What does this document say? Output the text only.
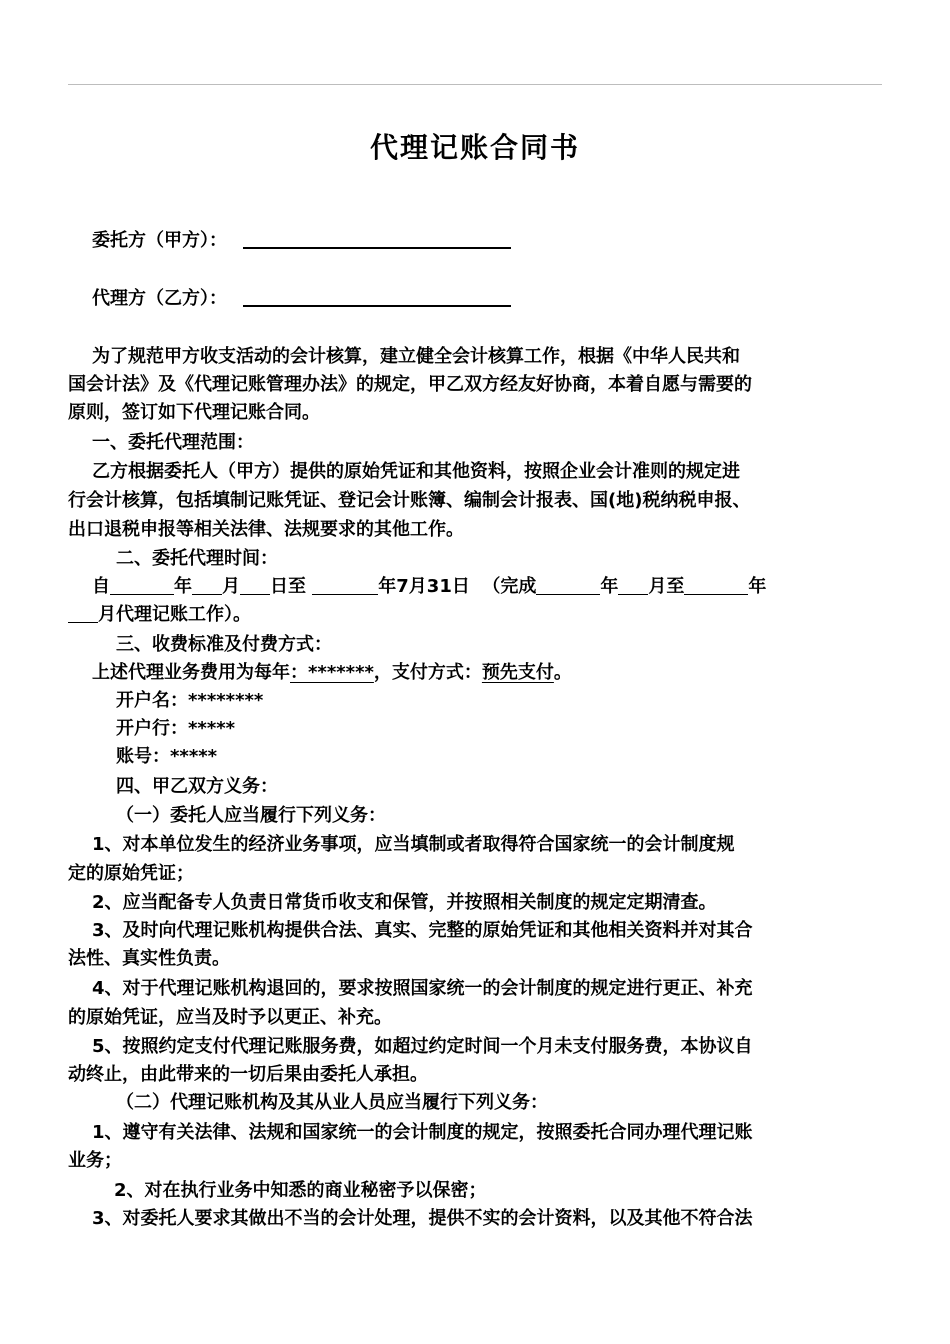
代理记账合同书
委托方（甲方）：
代理方（乙方）：
为了规范甲方收支活动的会计核算，建立健全会计核算工作，根据《中华人民共和
国会计法》及《代理记账管理办法》的规定，甲乙双方经友好协商，本着自愿与需要的
原则，签订如下代理记账合同。
一、委托代理范围：
乙方根据委托人（甲方）提供的原始凭证和其他资料，按照企业会计准则的规定进
行会计核算，包括填制记账凭证、登记会计账簿、编制会计报表、国(地)税纳税申报、
出口退税申报等相关法律、法规要求的其他工作。
二、委托代理时间：
自	年 月 日至	年7月31日 （完成	年 月至	年
月代理记账工作）。
三、收费标准及付费方式：
上述代理业务费用为每年：*******，支付方式：预先支付。
开户名：********
开户行：*****
账号：*****
四、甲乙双方义务：
（一）委托人应当履行下列义务：
1、对本单位发生的经济业务事项，应当填制或者取得符合国家统一的会计制度规
定的原始凭证；
2、应当配备专人负责日常货币收支和保管，并按照相关制度的规定定期清查。
3、及时向代理记账机构提供合法、真实、完整的原始凭证和其他相关资料并对其合
法性、真实性负责。
4、对于代理记账机构退回的，要求按照国家统一的会计制度的规定进行更正、补充
的原始凭证，应当及时予以更正、补充。
5、按照约定支付代理记账服务费，如超过约定时间一个月未支付服务费，本协议自
动终止，由此带来的一切后果由委托人承担。
（二）代理记账机构及其从业人员应当履行下列义务：
1、遵守有关法律、法规和国家统一的会计制度的规定，按照委托合同办理代理记账
业务；
2、对在执行业务中知悉的商业秘密予以保密；
3、对委托人要求其做出不当的会计处理，提供不实的会计资料，以及其他不符合法
